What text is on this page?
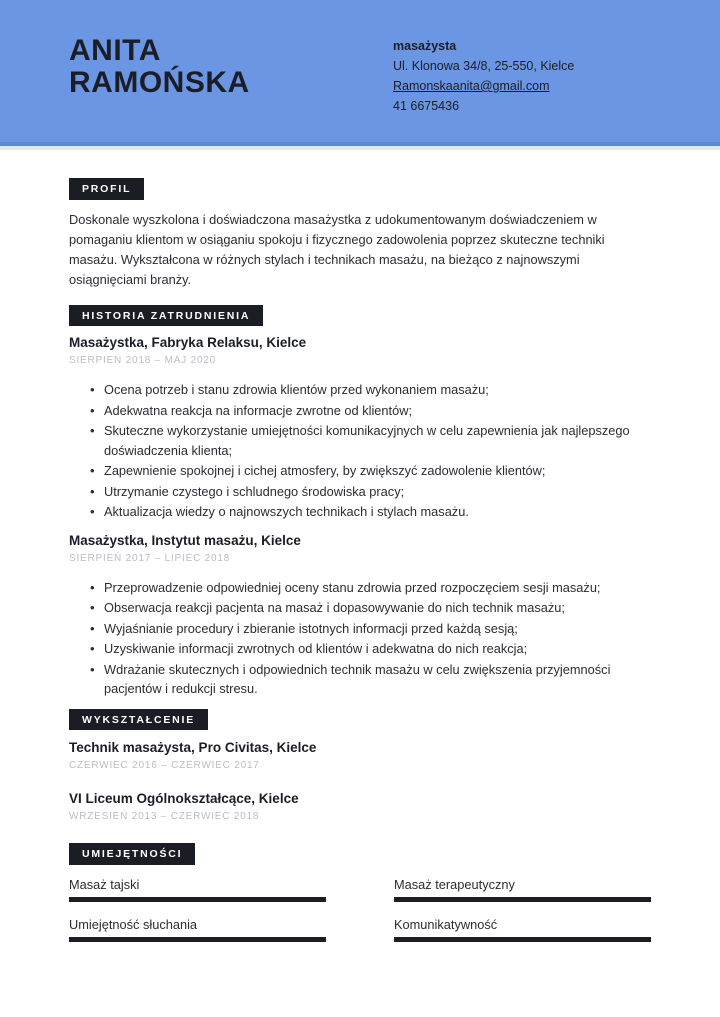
ANITA
RAMOŃSKA
masażysta
Ul. Klonowa 34/8, 25-550, Kielce
Ramonskaanita@gmail.com
41 6675436
PROFIL

Doskonale wyszkolona i doświadczona masażystka z udokumentowanym doświadczeniem w pomaganiu klientom w osiąganiu spokoju i fizycznego zadowolenia poprzez skuteczne techniki masażu. Wykształcona w różnych stylach i technikach masażu, na bieżąco z najnowszymi osiągnięciami branży.

HISTORIA ZATRUDNIENIA
Masażystka, Fabryka Relaksu, Kielce
SIERPIEŃ 2018 – MAJ 2020
• Ocena potrzeb i stanu zdrowia klientów przed wykonaniem masażu;
• Adekwatna reakcja na informacje zwrotne od klientów;
• Skuteczne wykorzystanie umiejętności komunikacyjnych w celu zapewnienia jak najlepszego doświadczenia klienta;
• Zapewnienie spokojnej i cichej atmosfery, by zwiększyć zadowolenie klientów;
• Utrzymanie czystego i schludnego środowiska pracy;
• Aktualizacja wiedzy o najnowszych technikach i stylach masażu.
Masażystka, Instytut masażu, Kielce
SIERPIEŃ 2017 – LIPIEC 2018
• Przeprowadzenie odpowiedniej oceny stanu zdrowia przed rozpoczęciem sesji masażu;
• Obserwacja reakcji pacjenta na masaż i dopasowywanie do nich technik masażu;
• Wyjaśnianie procedury i zbieranie istotnych informacji przed każdą sesją;
• Uzyskiwanie informacji zwrotnych od klientów i adekwatna do nich reakcja;
• Wdrażanie skutecznych i odpowiednich technik masażu w celu zwiększenia przyjemności pacjentów i redukcji stresu.
WYKSZTAŁCENIE
Technik masażysta, Pro Civitas, Kielce
CZERWIEC 2016 – CZERWIEC 2017
VI Liceum Ogólnokształcące, Kielce
WRZESIEŃ 2013 – CZERWIEC 2018
UMIEJĘTNOŚCI
Masaż tajski	Masaż terapeutyczny
Umiejętność słuchania	Komunikatywność
